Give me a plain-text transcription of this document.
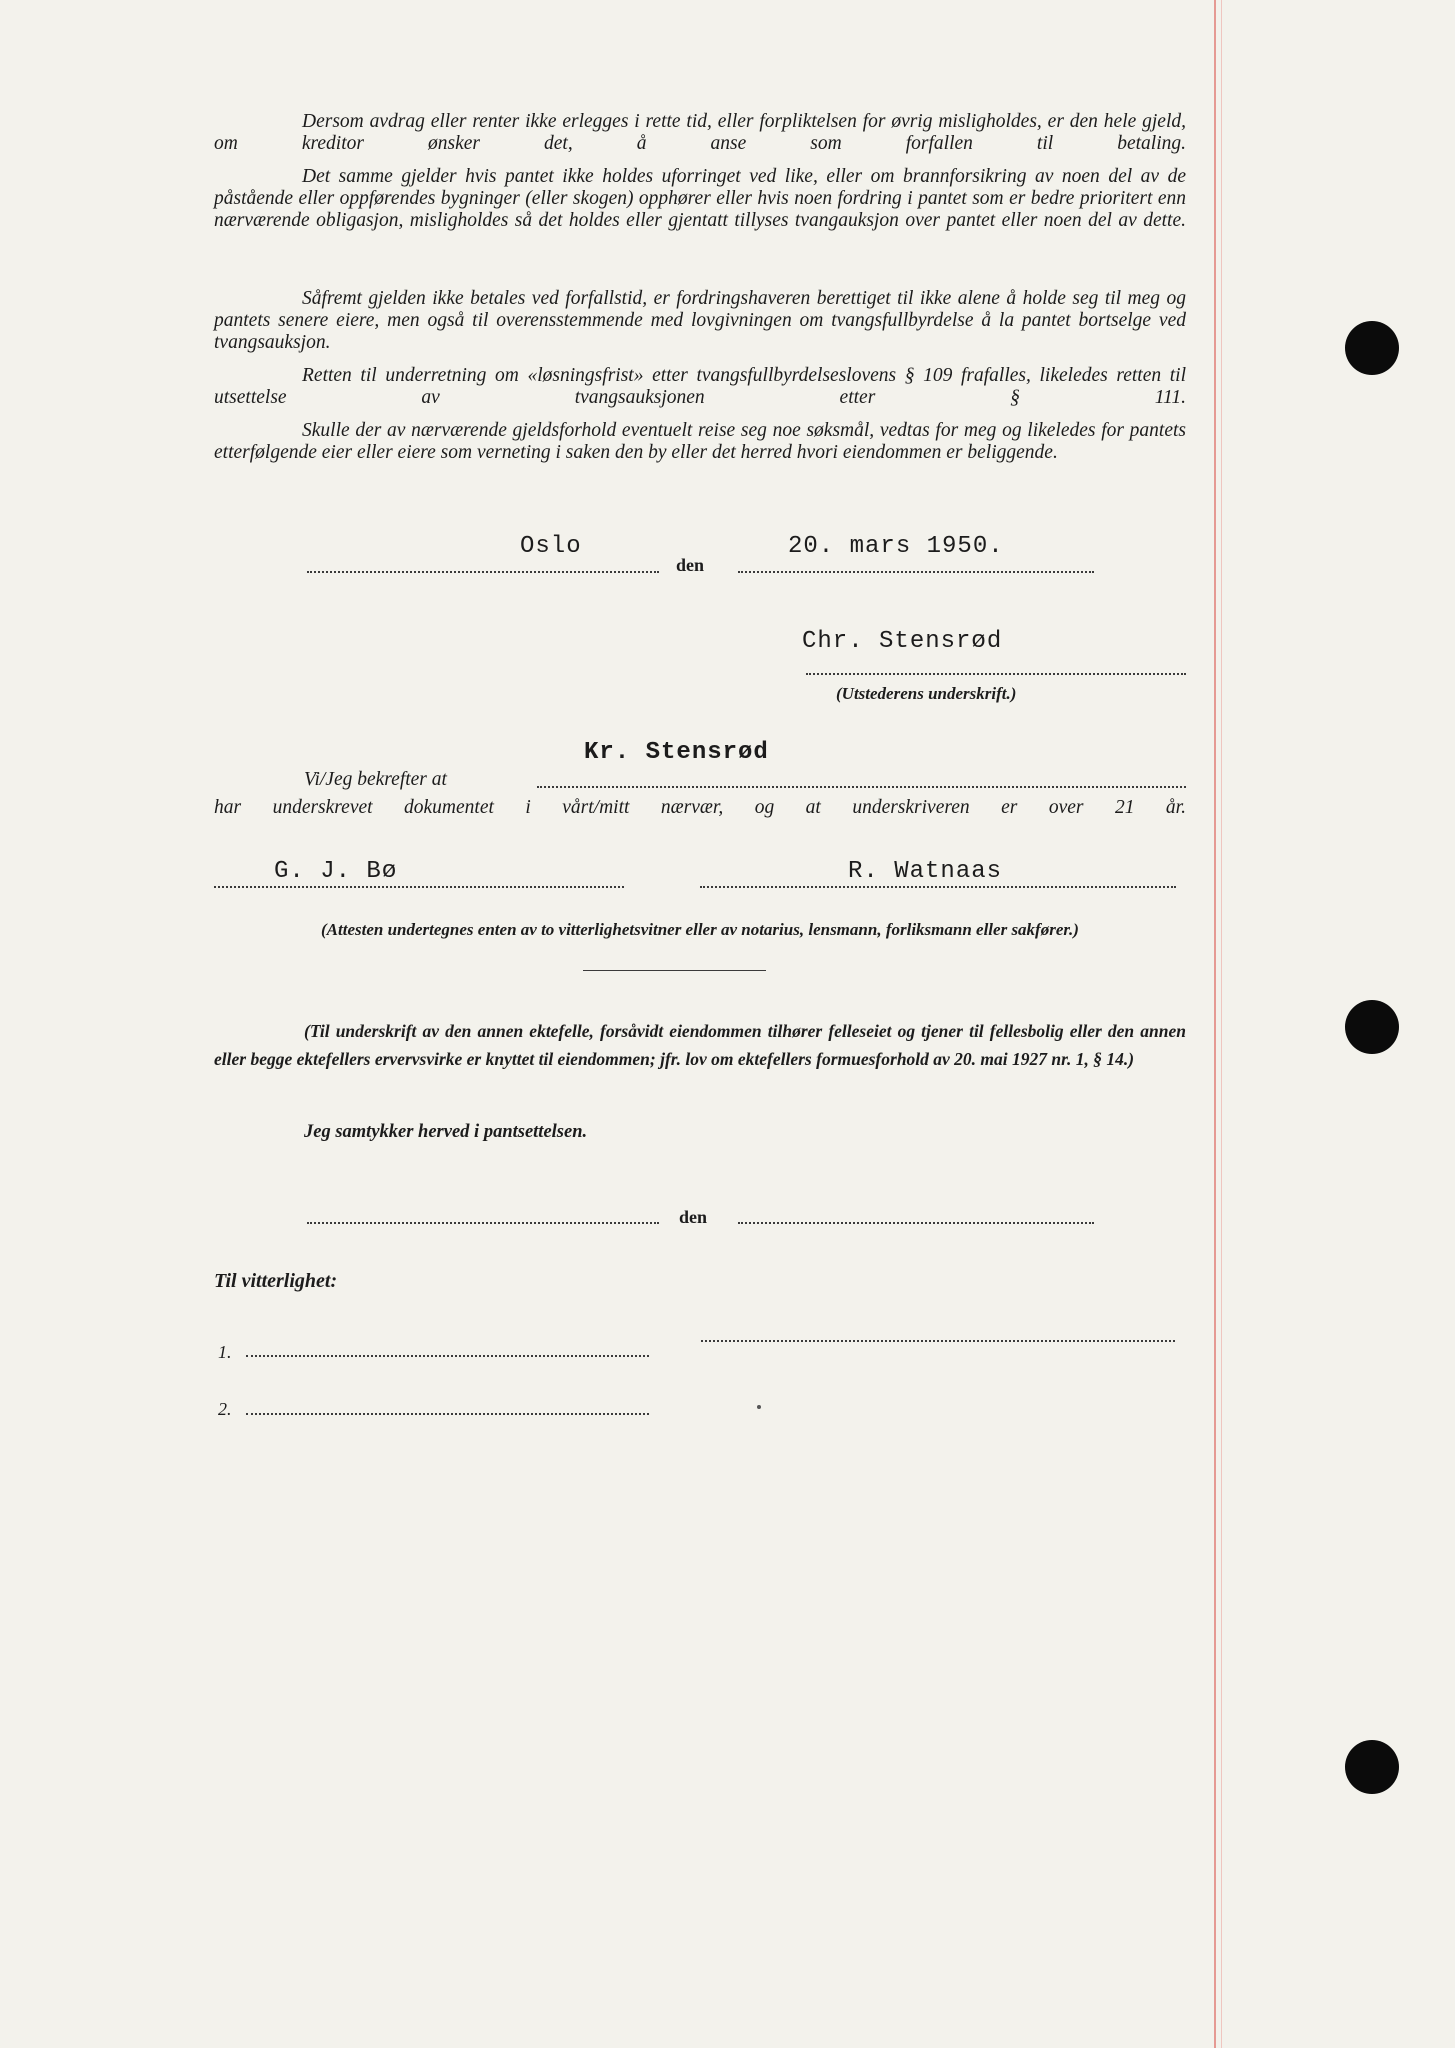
Dersom avdrag eller renter ikke erlegges i rette tid, eller forpliktelsen for øvrig misligholdes, er den hele gjeld, om kreditor ønsker det, å anse som forfallen til betaling.
Det samme gjelder hvis pantet ikke holdes uforringet ved like, eller om brannforsikring av noen del av de påstående eller oppførendes bygninger (eller skogen) opphører eller hvis noen fordring i pantet som er bedre prioritert enn nærværende obligasjon, misligholdes så det holdes eller gjentatt tillyses tvangauksjon over pantet eller noen del av dette.
Såfremt gjelden ikke betales ved forfallstid, er fordringshaveren berettiget til ikke alene å holde seg til meg og pantets senere eiere, men også til overensstemmende med lovgivningen om tvangsfullbyrdelse å la pantet bortselge ved tvangsauksjon.
Retten til underretning om «løsningsfrist» etter tvangsfullbyrdelseslovens § 109 frafalles, likeledes retten til utsettelse av tvangsauksjonen etter § 111.
Skulle der av nærværende gjeldsforhold eventuelt reise seg noe søksmål, vedtas for meg og likeledes for pantets etterfølgende eier eller eiere som verneting i saken den by eller det herred hvori eiendommen er beliggende.
Oslo
den
20. mars 1950.
Chr. Stensrød
(Utstederens underskrift.)
Kr. Stensrød
Vi/Jeg bekrefter at
har underskrevet dokumentet i vårt/mitt nærvær, og at underskriveren er over 21 år.
G. J. Bø	R. Watnaas
(Attesten undertegnes enten av to vitterlighetsvitner eller av notarius, lensmann, forliksmann eller sakfører.)
(Til underskrift av den annen ektefelle, forsåvidt eiendommen tilhører felleseiet og tjener til fellesbolig eller den annen eller begge ektefellers ervervsvirke er knyttet til eiendommen; jfr. lov om ektefellers formuesforhold av 20. mai 1927 nr. 1, § 14.)
Jeg samtykker herved i pantsettelsen.
den
Til vitterlighet:
1.
2.
